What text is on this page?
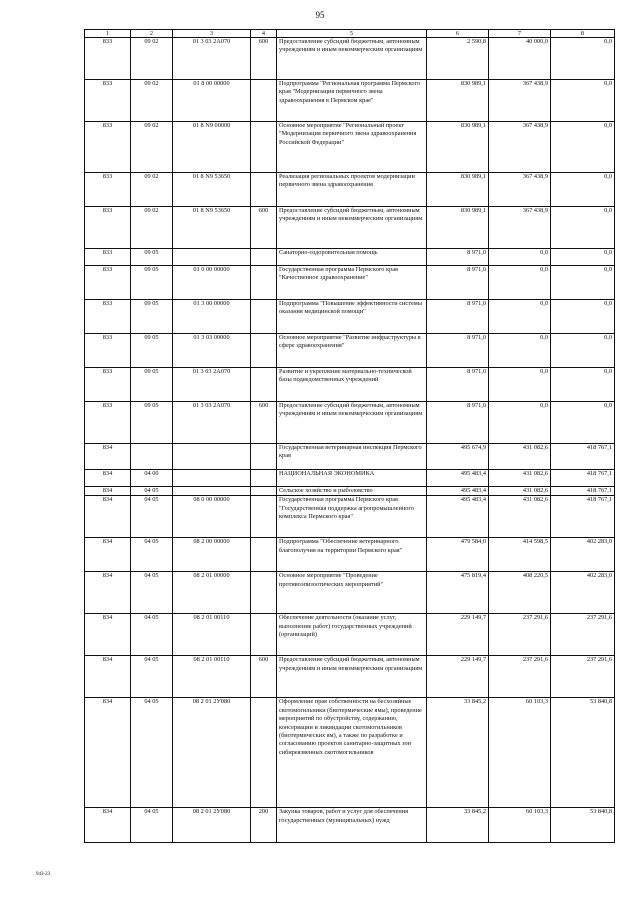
95
1	2	3	4	5	6	7	8
833	09 02	01 3 03 2А070	600	Предоставление субсидий бюджетным, автономным учреждениям и иным некоммерческим организациям	2 590,8	40 000,0	0,0
833	09 02	01 8 00 00000		Подпрограмма "Региональная программа Пермского края "Модернизация первичного звена здравоохранения в Пермском крае"	830 989,1	367 438,9	0,0
833	09 02	01 8 N9 00000		Основное мероприятие "Региональный проект "Модернизация первичного звена здравоохранения Российской Федерации"	830 989,1	367 438,9	0,0
833	09 02	01 8 N9 53650		Реализация региональных проектов модернизации первичного звена здравоохранения	830 989,1	367 438,9	0,0
833	09 02	01 8 N9 53650	600	Предоставление субсидий бюджетным, автономным учреждениям и иным некоммерческим организациям	830 989,1	367 438,9	0,0
833	09 05			Санаторно-оздоровительная помощь	8 971,0	0,0	0,0
833	09 05	01 0 00 00000		Государственная программа Пермского края "Качественное здравоохранение"	8 971,0	0,0	0,0
833	09 05	01 3 00 00000		Подпрограмма "Повышение эффективности системы оказания медицинской помощи"	8 971,0	0,0	0,0
833	09 05	01 3 03 00000		Основное мероприятие "Развитие инфраструктуры в сфере здравоохранения"	8 971,0	0,0	0,0
833	09 05	01 3 03 2А070		Развитие и укрепление материально-технической базы подведомственных учреждений	8 971,0	0,0	0,0
833	09 05	01 3 03 2А070	600	Предоставление субсидий бюджетным, автономным учреждениям и иным некоммерческим организациям	8 971,0	0,0	0,0
834				Государственная ветеринарная инспекция Пермского края	495 674,9	431 082,6	418 767,1
834	04 00			НАЦИОНАЛЬНАЯ ЭКОНОМИКА	495 483,4	431 082,6	418 767,1
834	04 05			Сельское хозяйство и рыболовство	495 483,4	431 082,6	418 767,1
834	04 05	08 0 00 00000		Государственная программа Пермского края "Государственная поддержка агропромышленного комплекса Пермского края"	495 483,4	431 082,6	418 767,1
834	04 05	08 2 00 00000		Подпрограмма "Обеспечение ветеринарного благополучия на территории Пермского края"	479 584,0	414 598,5	402 283,0
834	04 05	08 2 01 00000		Основное мероприятие "Проведение противоэпизоотических мероприятий"	475 819,4	408 220,5	402 283,0
834	04 05	08 2 01 00110		Обеспечение деятельности (оказание услуг, выполнение работ) государственных учреждений (организаций)	229 149,7	237 291,6	237 291,6
834	04 05	08 2 01 00110	600	Предоставление субсидий бюджетным, автономным учреждениям и иным некоммерческим организациям	229 149,7	237 291,6	237 291,6
834	04 05	08 2 01 2У080		Оформление прав собственности на бесхозяйные скотомогильники (биотермические ямы), проведение мероприятий по обустройству, содержанию, консервации и ликвидации скотомогильников (биотермических ям), а также по разработке и согласованию проектов санитарно-защитных зон сибиреязвенных скотомогильников	33 845,2	60 103,3	53 840,8
834	04 05	08 2 01 2У080	200	Закупка товаров, работ и услуг для обеспечения государственных (муниципальных) нужд	33 845,2	60 103,3	53 840,8
943-23
